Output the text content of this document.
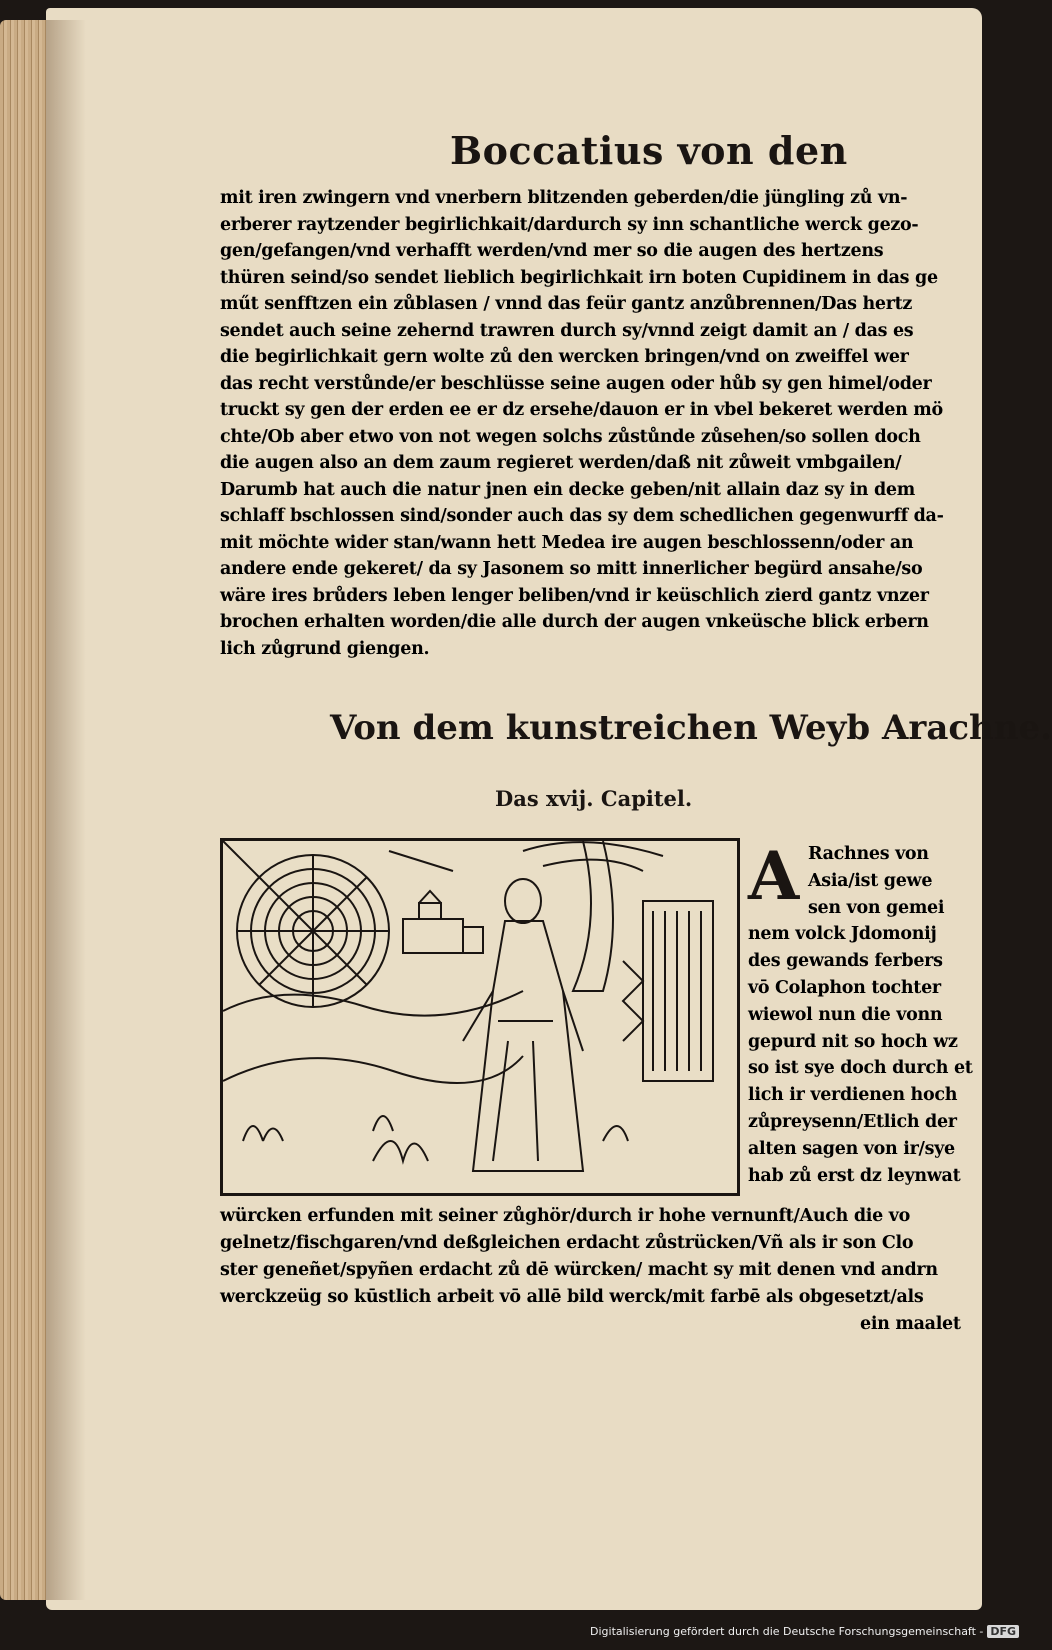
Boccatius von den
mit iren zwingern vnd vnerbern blitzenden geberden/die jüngling zů vn-
erberer raytzender begirlichkait/dardurch sy inn schantliche werck gezo-
gen/gefangen/vnd verhafft werden/vnd mer so die augen des hertzens
thüren seind/so sendet lieblich begirlichkait irn boten Cupidinem in das ge
műt senfftzen ein zůblasen / vnnd das feür gantz anzůbrennen/Das hertz
sendet auch seine zehernd trawren durch sy/vnnd zeigt damit an / das es
die begirlichkait gern wolte zů den wercken bringen/vnd on zweiffel wer
das recht verstůnde/er beschlüsse seine augen oder hůb sy gen himel/oder
truckt sy gen der erden ee er dz ersehe/dauon er in vbel bekeret werden mö
chte/Ob aber etwo von not wegen solchs zůstůnde zůsehen/so sollen doch
die augen also an dem zaum regieret werden/daß nit zůweit vmbgailen/
Darumb hat auch die natur jnen ein decke geben/nit allain daz sy in dem
schlaff bschlossen sind/sonder auch das sy dem schedlichen gegenwurff da-
mit möchte wider stan/wann hett Medea ire augen beschlossenn/oder an
andere ende gekeret/ da sy Jasonem so mitt innerlicher begürd ansahe/so
wäre ires brůders leben lenger beliben/vnd ir keüschlich zierd gantz vnzer
brochen erhalten worden/die alle durch der augen vnkeüsche blick erbern
lich zůgrund giengen.
Von dem kunstreichen Weyb Arachne.
Das xvij. Capitel.
A Rachnes von
Asia/ist gewe
sen von gemei
nem volck Jdomonij
des gewands ferbers
vō Colaphon tochter
wiewol nun die vonn
gepurd nit so hoch wz
so ist sye doch durch et
lich ir verdienen hoch
zůpreysenn/Etlich der
alten sagen von ir/sye
hab zů erst dz leynwat
würcken erfunden mit seiner zůghör/durch ir hohe vernunft/Auch die vo
gelnetz/fischgaren/vnd deßgleichen erdacht zůstrücken/Vñ als ir son Clo
ster geneñet/spyñen erdacht zů dē würcken/ macht sy mit denen vnd andrn
werckzeüg so kūstlich arbeit vō allē bild werck/mit farbē als obgesetzt/als
ein maalet
Digitalisierung gefördert durch die Deutsche Forschungsgemeinschaft - DFG
